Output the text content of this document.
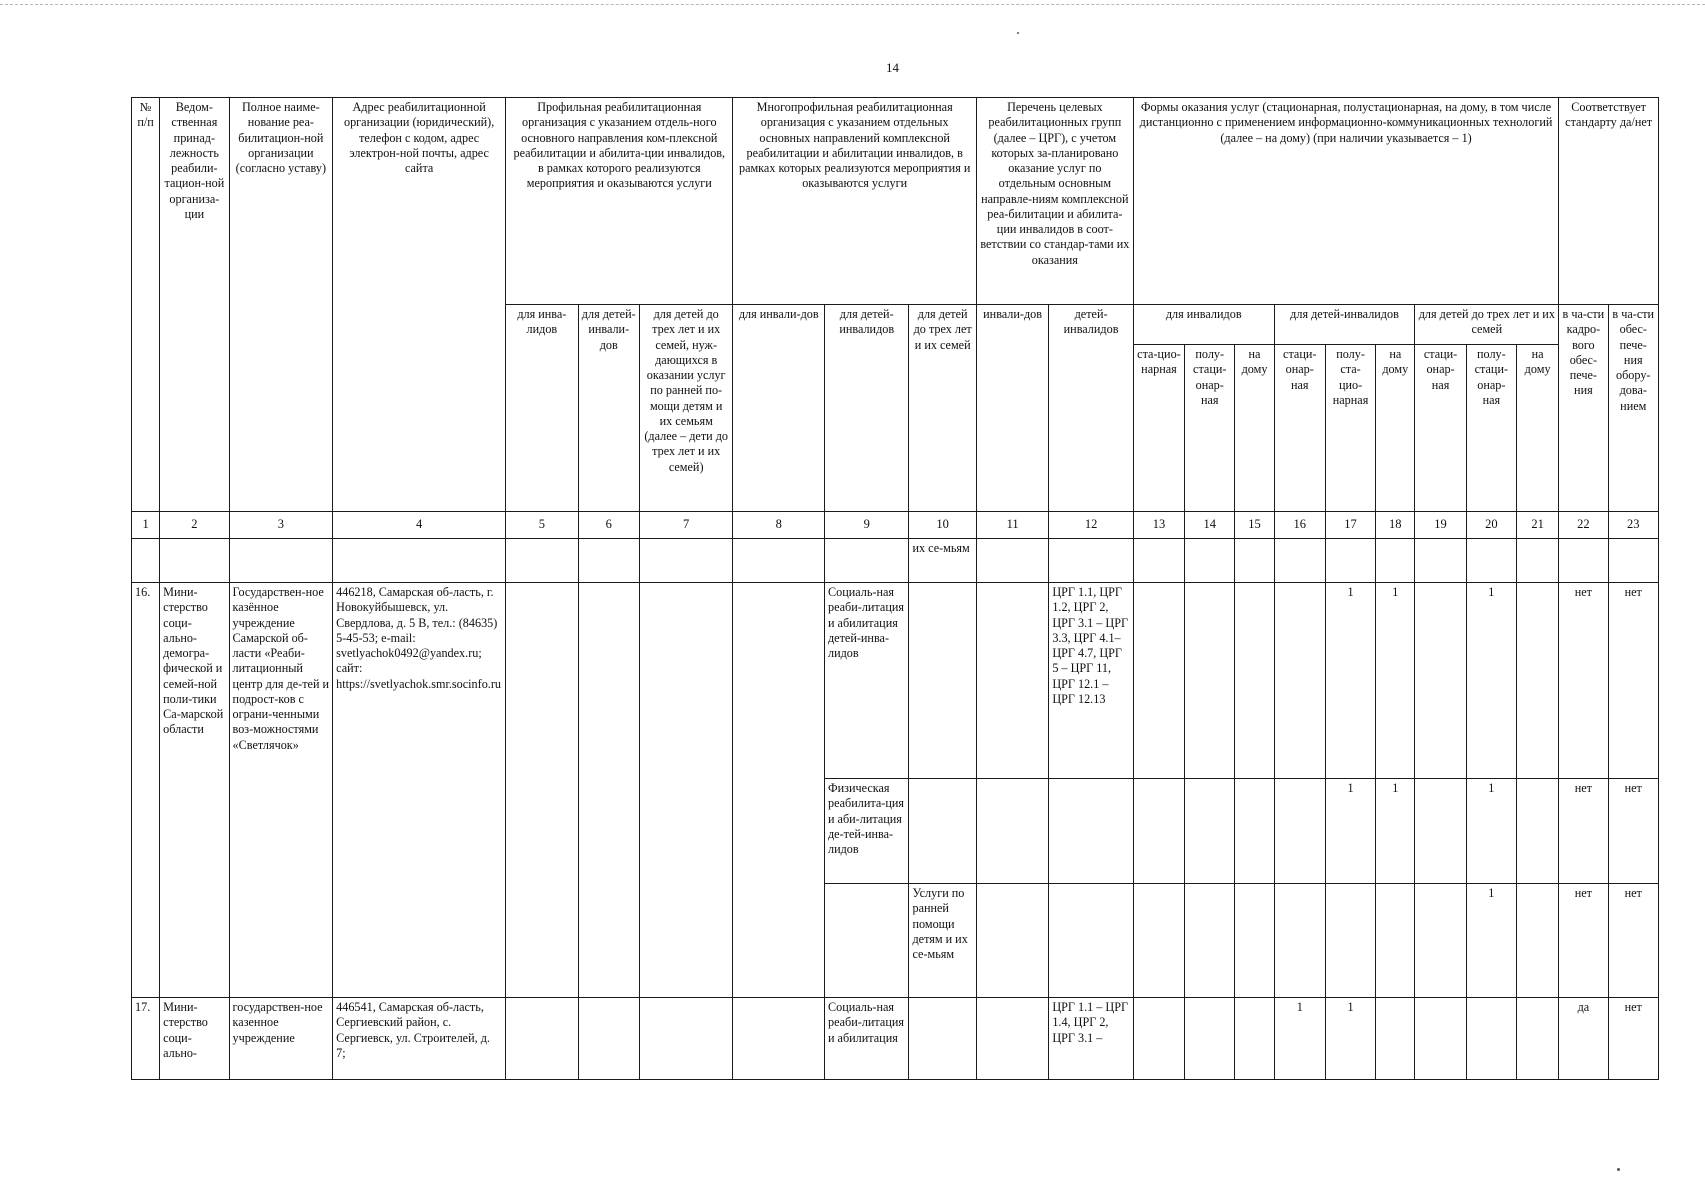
14
№ п/п	Ведом-ственная принад-лежность реабили-тацион-ной организа-ции	Полное наиме-нование реа-билитацион-ной организации (согласно уставу)	Адрес реабилитационной организации (юридический), телефон с кодом, адрес электрон-ной почты, адрес сайта	Профильная реабилитационная организация с указанием отдель-ного основного направления ком-плексной реабилитации и абилита-ции инвалидов, в рамках которого реализуются мероприятия и оказываются услуги			Многопрофильная реабилитационная организация с указанием отдельных основных направлений комплексной реабилитации и абилитации инвалидов, в рамках которых реализуются мероприятия и оказываются услуги			Перечень целевых реабилитационных групп (далее – ЦРГ), с учетом которых за-планировано оказание услуг по отдельным основным направле-ниям комплексной реа-билитации и абилита-ции инвалидов в соот-ветствии со стандар-тами их оказания		Формы оказания услуг (стационарная, полустационарная, на дому, в том числе дистанционно с применением информационно-коммуникационных технологий (далее – на дому) (при наличии указывается – 1)									Соответствует стандарту да/нет	
				для инва-лидов	для детей-инвали-дов	для детей до трех лет и их семей, нуж-дающихся в оказании услуг по ранней по-мощи детям и их семьям (далее – дети до трех лет и их семей)	для инвали-дов	для детей-инвалидов	для детей до трех лет и их семей	инвали-дов	детей-инвалидов	для инвалидов			для детей-инвалидов			для детей до трех лет и их семей			в ча-сти кадро-вого обес-пече-ния	в ча-сти обес-пече-ния обору-дова-нием
												ста-цио-нарная	полу-стаци-онар-ная	на дому	стаци-онар-ная	полу-ста-цио-нарная	на дому	стаци-онар-ная	полу-стаци-онар-ная	на дому		
1	2	3	4	5	6	7	8	9	10	11	12	13	14	15	16	17	18	19	20	21	22	23
									их се-мьям													
16.	Мини-стерство соци-ально-демогра-фической и семей-ной поли-тики Са-марской области	Государствен-ное казённое учреждение Самарской об-ласти «Реаби-литационный центр для де-тей и подрост-ков с ограни-ченными воз-можностями «Светлячок»	446218, Самарская об-ласть, г. Новокуйбышевск, ул. Свердлова, д. 5 В, тел.: (84635) 5-45-53; e-mail: svetlyachok0492@yandex.ru; сайт: https://svetlyachok.smr.socinfo.ru					Социаль-ная реаби-литация и абилитация детей-инва-лидов			ЦРГ 1.1, ЦРГ 1.2, ЦРГ 2, ЦРГ 3.1 – ЦРГ 3.3, ЦРГ 4.1– ЦРГ 4.7, ЦРГ 5 – ЦРГ 11, ЦРГ 12.1 – ЦРГ 12.13					1	1		1		нет	нет
								Физическая реабилита-ция и аби-литация де-тей-инва-лидов								1	1		1		нет	нет
									Услуги по ранней помощи детям и их се-мьям										1		нет	нет
17.	Мини-стерство соци-ально-	государствен-ное казенное учреждение	446541, Самарская об-ласть, Сергиевский район, с. Сергиевск, ул. Строителей, д. 7;					Социаль-ная реаби-литация и абилитация			ЦРГ 1.1 – ЦРГ 1.4, ЦРГ 2, ЦРГ 3.1 –				1	1					да	нет
